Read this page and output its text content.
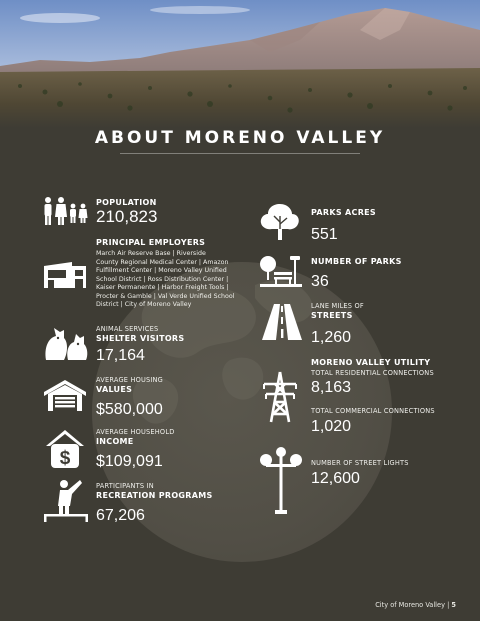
ABOUT MORENO VALLEY
POPULATION
210,823
PRINCIPAL EMPLOYERS
March Air Reserve Base | Riverside
County Regional Medical Center | Amazon
Fulfillment Center | Moreno Valley Unified
School District | Ross Distribution Center |
Kaiser Permanente | Harbor Freight Tools |
Procter & Gamble | Val Verde Unified School
District | City of Moreno Valley
ANIMAL SERVICES
SHELTER VISITORS
17,164
AVERAGE HOUSING
VALUES
$580,000
$
AVERAGE HOUSEHOLD
INCOME
$109,091
PARTICIPANTS IN
RECREATION PROGRAMS
67,206
PARKS ACRES
551
NUMBER OF PARKS
36
LANE MILES OF
STREETS
1,260
MORENO VALLEY UTILITY
TOTAL RESIDENTIAL CONNECTIONS
8,163
TOTAL COMMERCIAL CONNECTIONS
1,020
NUMBER OF STREET LIGHTS
12,600
City of Moreno Valley | 5
